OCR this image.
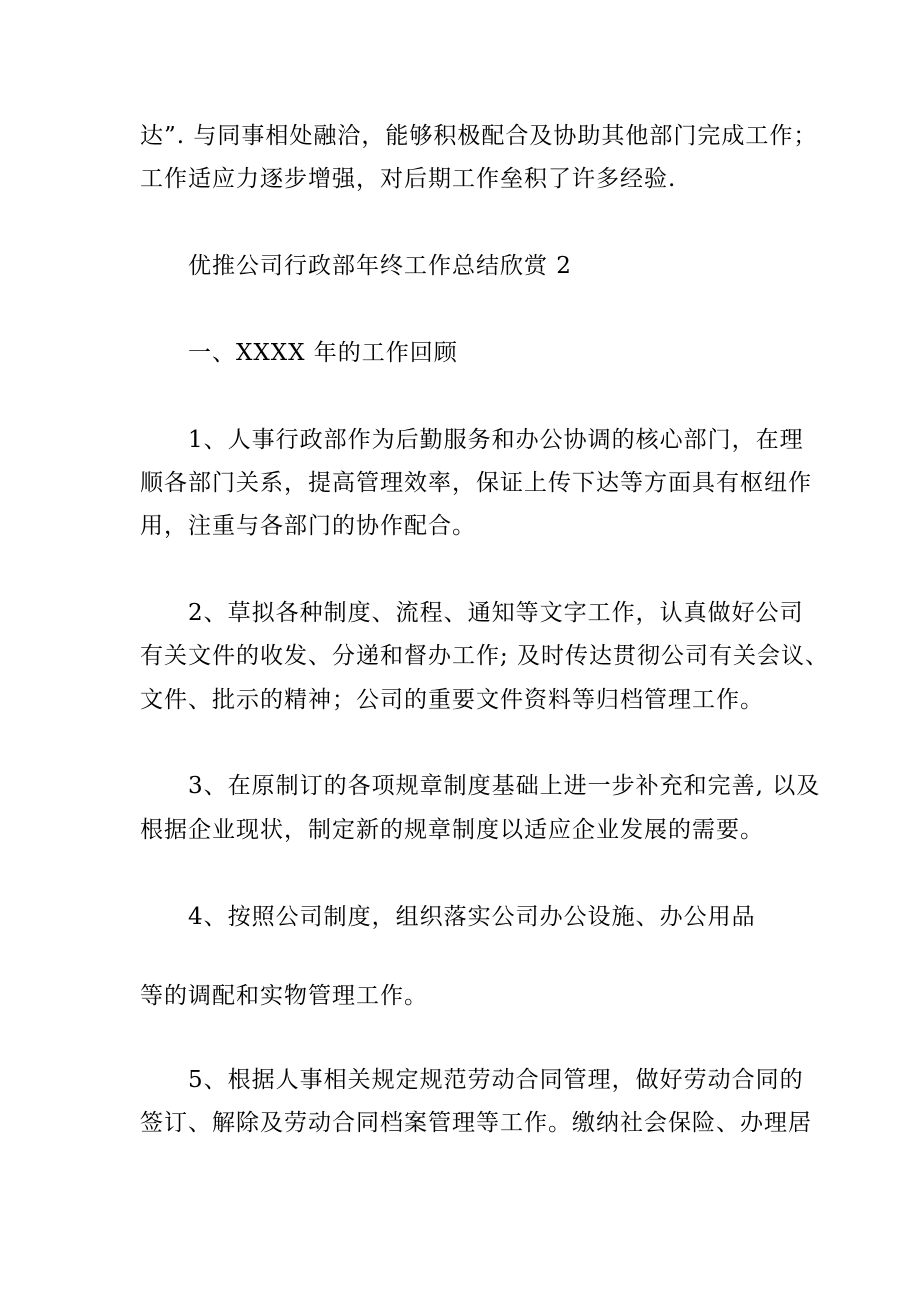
达”. 与同事相处融洽，能够积极配合及协助其他部门完成工作；
工作适应力逐步增强，对后期工作垒积了许多经验.
优推公司行政部年终工作总结欣赏 2
一、XXXX 年的工作回顾
1、人事行政部作为后勤服务和办公协调的核心部门，在理
顺各部门关系，提高管理效率，保证上传下达等方面具有枢纽作
用，注重与各部门的协作配合。
2、草拟各种制度、流程、通知等文字工作，认真做好公司
有关文件的收发、分递和督办工作; 及时传达贯彻公司有关会议、
文件、批示的精神；公司的重要文件资料等归档管理工作。
3、在原制订的各项规章制度基础上进一步补充和完善, 以及
根据企业现状，制定新的规章制度以适应企业发展的需要。
4、按照公司制度，组织落实公司办公设施、办公用品
等的调配和实物管理工作。
5、根据人事相关规定规范劳动合同管理，做好劳动合同的
签订、解除及劳动合同档案管理等工作。缴纳社会保险、办理居
